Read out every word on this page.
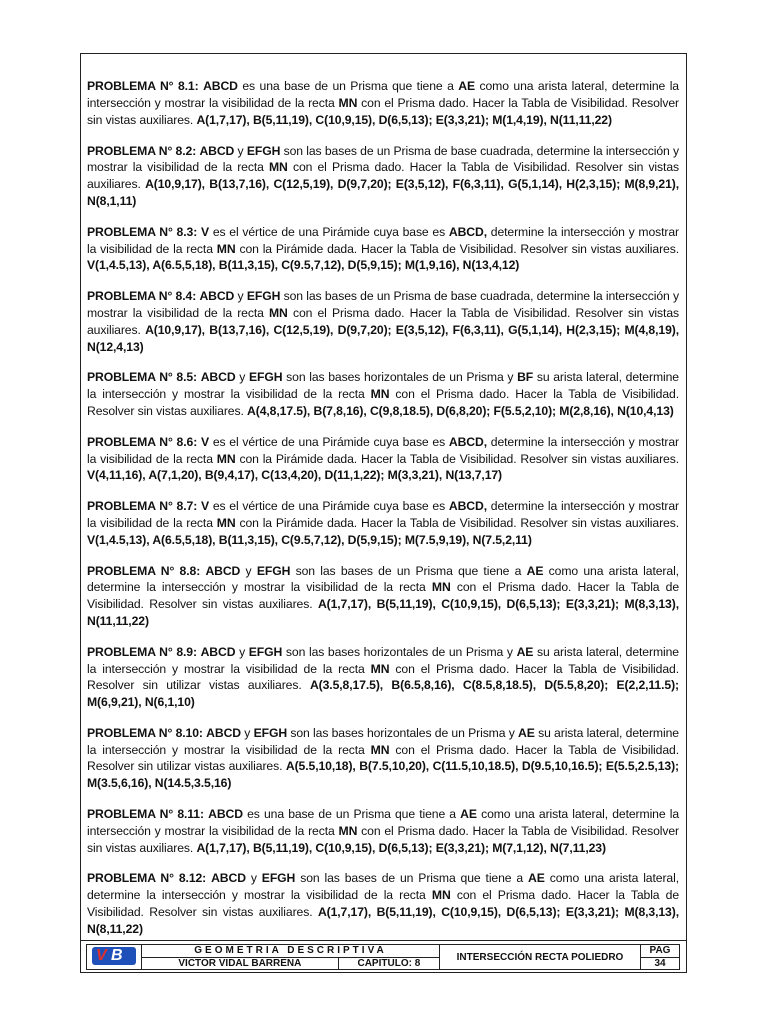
PROBLEMA N° 8.1: ABCD es una base de un Prisma que tiene a AE como una arista lateral, determine la intersección y mostrar la visibilidad de la recta MN con el Prisma dado. Hacer la Tabla de Visibilidad. Resolver sin vistas auxiliares. A(1,7,17), B(5,11,19), C(10,9,15), D(6,5,13); E(3,3,21); M(1,4,19), N(11,11,22)

PROBLEMA N° 8.2: ABCD y EFGH son las bases de un Prisma de base cuadrada, determine la intersección y mostrar la visibilidad de la recta MN con el Prisma dado. Hacer la Tabla de Visibilidad. Resolver sin vistas auxiliares. A(10,9,17), B(13,7,16), C(12,5,19), D(9,7,20); E(3,5,12), F(6,3,11), G(5,1,14), H(2,3,15); M(8,9,21), N(8,1,11)

PROBLEMA N° 8.3: V es el vértice de una Pirámide cuya base es ABCD, determine la intersección y mostrar la visibilidad de la recta MN con la Pirámide dada. Hacer la Tabla de Visibilidad. Resolver sin vistas auxiliares. V(1,4.5,13), A(6.5,5,18), B(11,3,15), C(9.5,7,12), D(5,9,15); M(1,9,16), N(13,4,12)

PROBLEMA N° 8.4: ABCD y EFGH son las bases de un Prisma de base cuadrada, determine la intersección y mostrar la visibilidad de la recta MN con el Prisma dado. Hacer la Tabla de Visibilidad. Resolver sin vistas auxiliares. A(10,9,17), B(13,7,16), C(12,5,19), D(9,7,20); E(3,5,12), F(6,3,11), G(5,1,14), H(2,3,15); M(4,8,19), N(12,4,13)

PROBLEMA N° 8.5: ABCD y EFGH son las bases horizontales de un Prisma y BF su arista lateral, determine la intersección y mostrar la visibilidad de la recta MN con el Prisma dado. Hacer la Tabla de Visibilidad. Resolver sin vistas auxiliares. A(4,8,17.5), B(7,8,16), C(9,8,18.5), D(6,8,20); F(5.5,2,10); M(2,8,16), N(10,4,13)

PROBLEMA N° 8.6: V es el vértice de una Pirámide cuya base es ABCD, determine la intersección y mostrar la visibilidad de la recta MN con la Pirámide dada. Hacer la Tabla de Visibilidad. Resolver sin vistas auxiliares. V(4,11,16), A(7,1,20), B(9,4,17), C(13,4,20), D(11,1,22); M(3,3,21), N(13,7,17)

PROBLEMA N° 8.7: V es el vértice de una Pirámide cuya base es ABCD, determine la intersección y mostrar la visibilidad de la recta MN con la Pirámide dada. Hacer la Tabla de Visibilidad. Resolver sin vistas auxiliares. V(1,4.5,13), A(6.5,5,18), B(11,3,15), C(9.5,7,12), D(5,9,15); M(7.5,9,19), N(7.5,2,11)

PROBLEMA N° 8.8: ABCD y EFGH son las bases de un Prisma que tiene a AE como una arista lateral, determine la intersección y mostrar la visibilidad de la recta MN con el Prisma dado. Hacer la Tabla de Visibilidad. Resolver sin vistas auxiliares. A(1,7,17), B(5,11,19), C(10,9,15), D(6,5,13); E(3,3,21); M(8,3,13), N(11,11,22)

PROBLEMA N° 8.9: ABCD y EFGH son las bases horizontales de un Prisma y AE su arista lateral, determine la intersección y mostrar la visibilidad de la recta MN con el Prisma dado. Hacer la Tabla de Visibilidad. Resolver sin utilizar vistas auxiliares. A(3.5,8,17.5), B(6.5,8,16), C(8.5,8,18.5), D(5.5,8,20); E(2,2,11.5); M(6,9,21), N(6,1,10)

PROBLEMA N° 8.10: ABCD y EFGH son las bases horizontales de un Prisma y AE su arista lateral, determine la intersección y mostrar la visibilidad de la recta MN con el Prisma dado. Hacer la Tabla de Visibilidad. Resolver sin utilizar vistas auxiliares. A(5.5,10,18), B(7.5,10,20), C(11.5,10,18.5), D(9.5,10,16.5); E(5.5,2.5,13); M(3.5,6,16), N(14.5,3.5,16)

PROBLEMA N° 8.11: ABCD es una base de un Prisma que tiene a AE como una arista lateral, determine la intersección y mostrar la visibilidad de la recta MN con el Prisma dado. Hacer la Tabla de Visibilidad. Resolver sin vistas auxiliares. A(1,7,17), B(5,11,19), C(10,9,15), D(6,5,13); E(3,3,21); M(7,1,12), N(7,11,23)

PROBLEMA N° 8.12: ABCD y EFGH son las bases de un Prisma que tiene a AE como una arista lateral, determine la intersección y mostrar la visibilidad de la recta MN con el Prisma dado. Hacer la Tabla de Visibilidad. Resolver sin vistas auxiliares. A(1,7,17), B(5,11,19), C(10,9,15), D(6,5,13); E(3,3,21); M(8,3,13), N(8,11,22)

V B	GEOMETRIA DESCRIPTIVA		INTERSECCIÓN RECTA POLIEDRO	PAG
	VICTOR VIDAL BARRENA	CAPITULO: 8		34
